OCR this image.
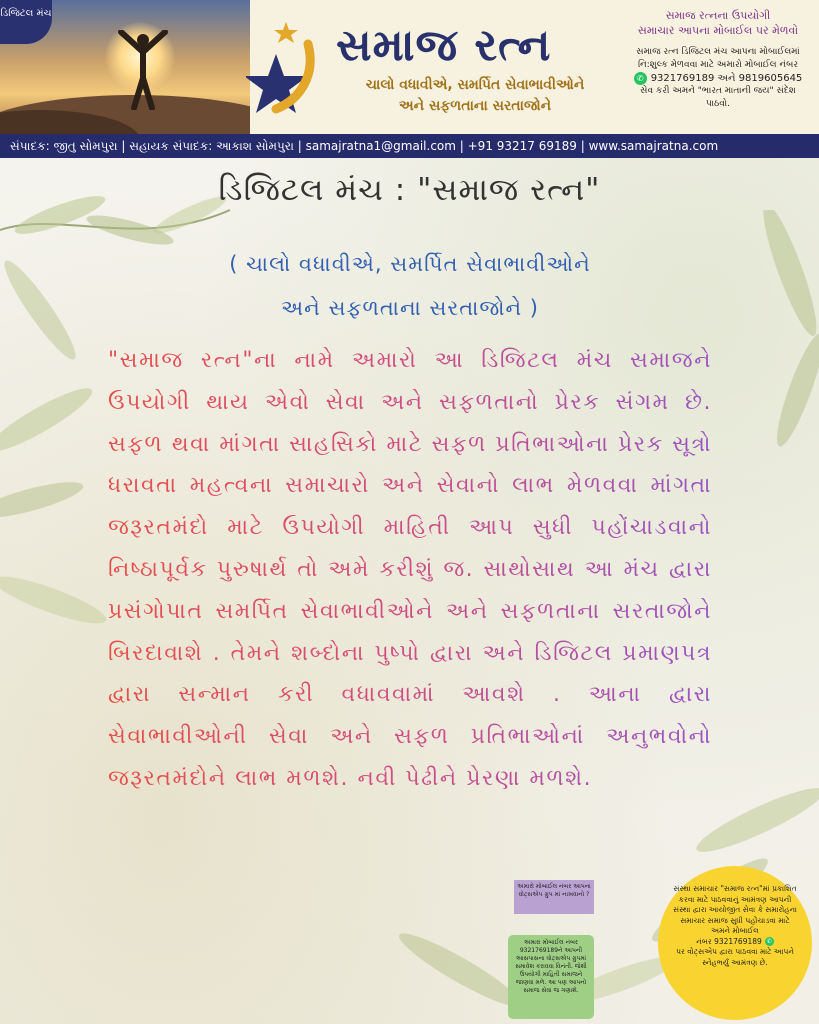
ડિજિટલ મંચ
સમાજ રત્ન
ચાલો વધાવીએ, સમર્પિત સેવાભાવીઓને
અને સફળતાના સરતાજોને
સમાજ રત્નના ઉપયોગી
સમાચાર આપના મોબાઈલ પર મેળવો
સમાજ રત્ન ડિજિટલ મંચ આપના મોબાઈલમાં
નિ:શુલ્ક મેળવવા માટે અમારો મોબાઈલ નંબર
✆ 9321769189 અને 9819605645
સેવ કરી અમને "ભારત માતાની જય" સંદેશ
પાઠવો.
સંપાદક: જીતુ સોમપુરા | સહાયક સંપાદક: આકાશ સોમપુરા | samajratna1@gmail.com | +91 93217 69189 | www.samajratna.com
ડિજિટલ મંચ : "સમાજ રત્ન"
( ચાલો વધાવીએ, સમર્પિત સેવાભાવીઓને
અને સફળતાના સરતાજોને )
"સમાજ રત્ન"ના નામે અમારો આ ડિજિટલ મંચ સમાજને ઉપયોગી થાય એવો સેવા અને સફળતાનો પ્રેરક સંગમ છે. સફળ થવા માંગતા સાહસિકો માટે સફળ પ્રતિભાઓના પ્રેરક સૂત્રો ધરાવતા મહત્વના સમાચારો અને સેવાનો લાભ મેળવવા માંગતા જરૂરતમંદો માટે ઉપયોગી માહિતી આપ સુધી પહોંચાડવાનો નિષ્ઠાપૂર્વક પુરુષાર્થ તો અમે કરીશું જ. સાથોસાથ આ મંચ દ્વારા પ્રસંગોપાત સમર્પિત સેવાભાવીઓને અને સફળતાના સરતાજોને બિરદાવાશે . તેમને શબ્દોના પુષ્પો દ્વારા અને ડિજિટલ પ્રમાણપત્ર દ્વારા સન્માન કરી વધાવવામાં આવશે . આના દ્વારા સેવાભાવીઓની સેવા અને સફળ પ્રતિભાઓનાં અનુભવોનો જરૂરતમંદોને લાભ મળશે. નવી પેઢીને પ્રેરણા મળશે.
અમારો મોબાઈલ નંબર આપના વોટ્સએપ ગ્રુપ માં નાખવાનો ?
અમારા મોબાઈલ નંબર 9321769189ને આપની આસપાસના વોટ્સએપ ગ્રુપમાં સમાવેશ કરાવવા વિનંતી. જેથી ઉપયોગી માહિતી સમાજને જાણવા મળે. આ પણ આપનો સમાજ સેવા જ ગણાશે.
સંસ્થા સમાચાર "સમાજ રત્ન"માં પ્રકાશિત કરવા માટે પાઠવવાનું આમંત્રણ આપની સંસ્થા દ્વારા આયોજીત સેવા કે સમારોહના સમાચાર સમાજ સુધી પહોંચાડવા માટે અમને મોબાઈલ
નંબર 9321769189 ✆
પર વોટ્સએપ દ્વારા પાઠવવા માટે આપને સ્નેહભર્યું આમંત્રણ છે.
